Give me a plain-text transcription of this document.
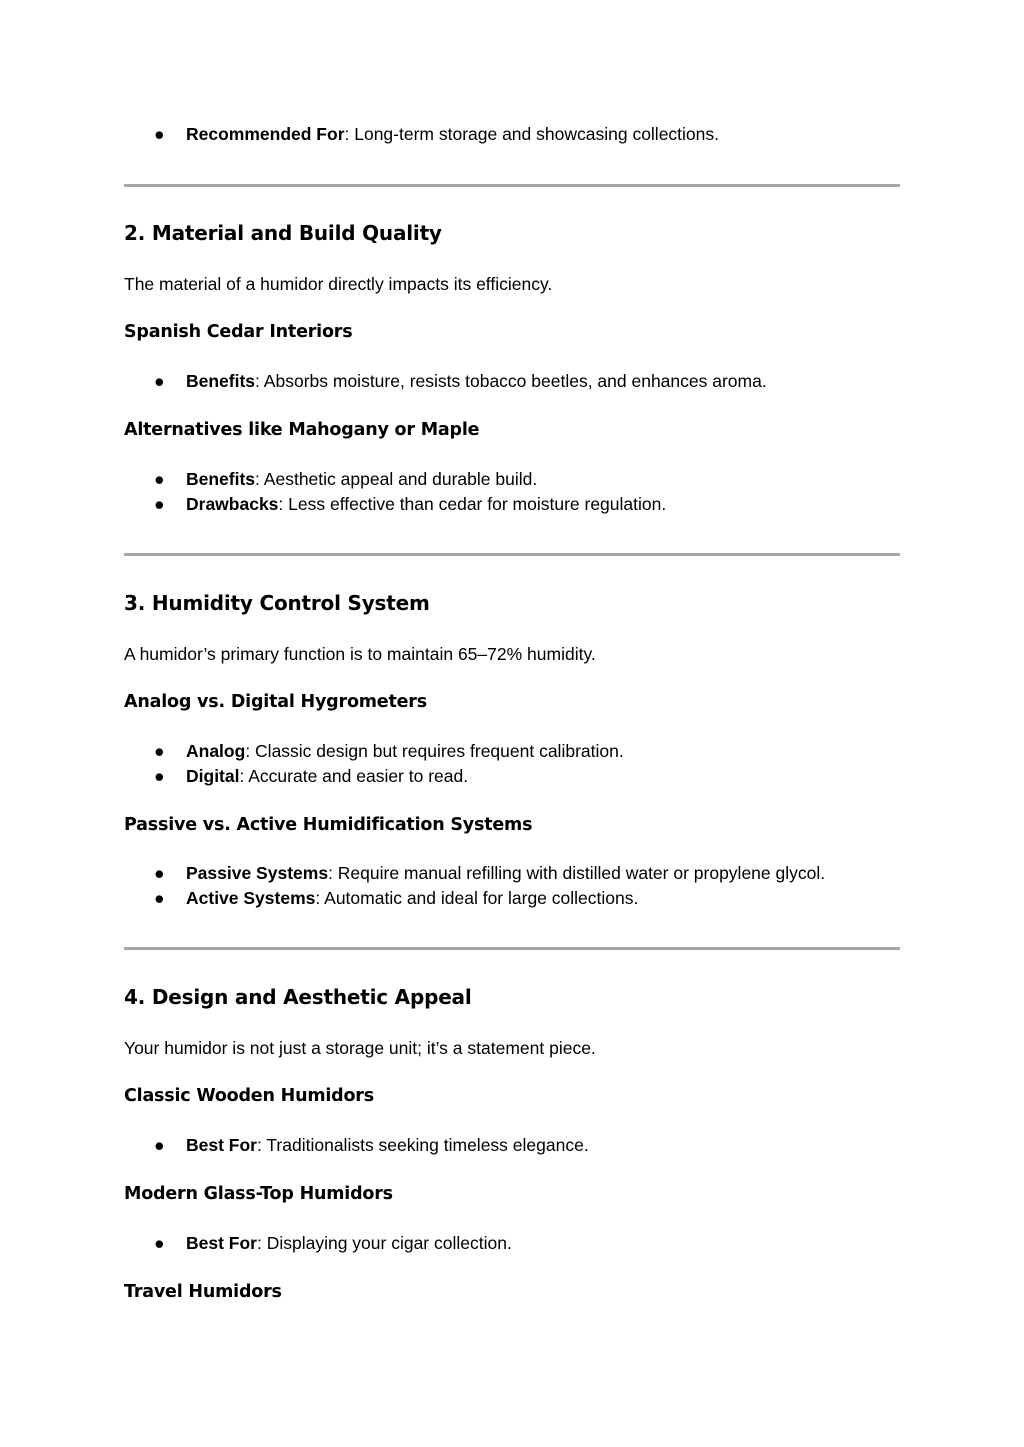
●	Recommended For: Long-term storage and showcasing collections.
2. Material and Build Quality
The material of a humidor directly impacts its efficiency.
Spanish Cedar Interiors
●	Benefits: Absorbs moisture, resists tobacco beetles, and enhances aroma.
Alternatives like Mahogany or Maple
●	Benefits: Aesthetic appeal and durable build.
●	Drawbacks: Less effective than cedar for moisture regulation.
3. Humidity Control System
A humidor’s primary function is to maintain 65–72% humidity.
Analog vs. Digital Hygrometers
●	Analog: Classic design but requires frequent calibration.
●	Digital: Accurate and easier to read.
Passive vs. Active Humidification Systems
●	Passive Systems: Require manual refilling with distilled water or propylene glycol.
●	Active Systems: Automatic and ideal for large collections.
4. Design and Aesthetic Appeal
Your humidor is not just a storage unit; it’s a statement piece.
Classic Wooden Humidors
●	Best For: Traditionalists seeking timeless elegance.
Modern Glass-Top Humidors
●	Best For: Displaying your cigar collection.
Travel Humidors
